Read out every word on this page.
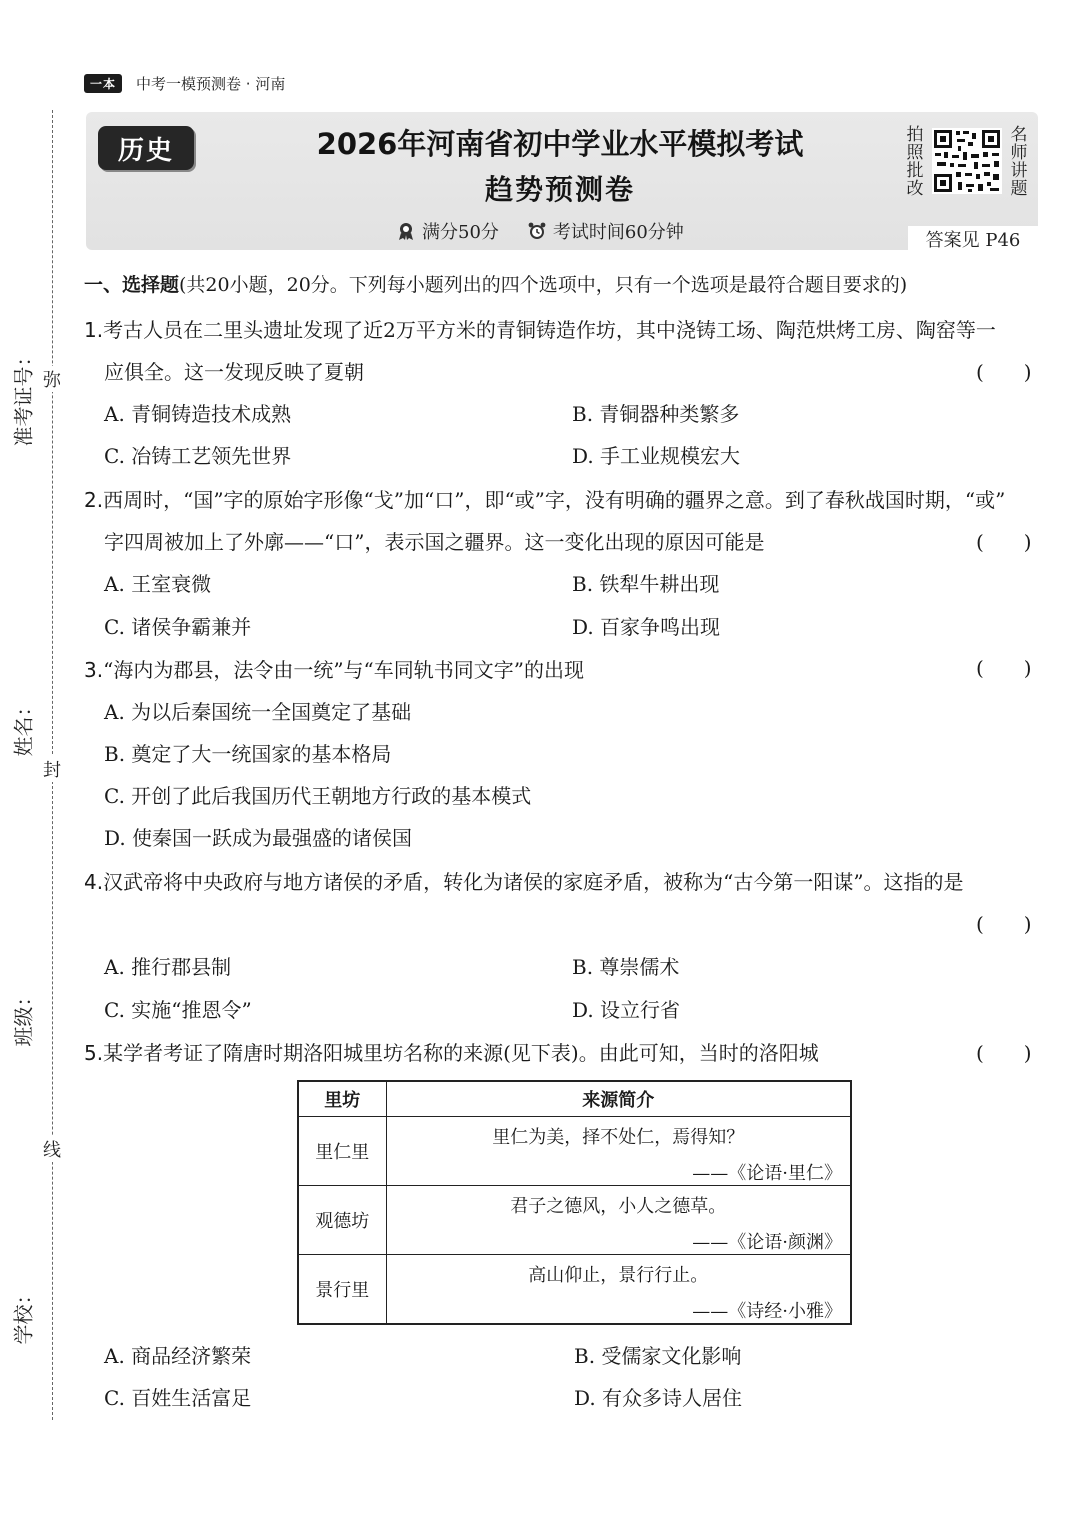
一本	中考一模预测卷 · 河南
历史	2026年河南省初中学业水平模拟考试
趋势预测卷
满分50分	考试时间60分钟
拍
照
批
改
名
师
讲
题
答案见 P46
准考证号：
姓名：
班级：
学校：
弥
封
线
一、选择题(共20小题，20分。下列每小题列出的四个选项中，只有一个选项是最符合题目要求的)
1.考古人员在二里头遗址发现了近2万平方米的青铜铸造作坊，其中浇铸工场、陶范烘烤工房、陶窑等一
应俱全。这一发现反映了夏朝	(　　)
A. 青铜铸造技术成熟	B. 青铜器种类繁多
C. 冶铸工艺领先世界	D. 手工业规模宏大
2.西周时，“国”字的原始字形像“戈”加“口”，即“或”字，没有明确的疆界之意。到了春秋战国时期，“或”
字四周被加上了外廓——“口”，表示国之疆界。这一变化出现的原因可能是	(　　)
A. 王室衰微	B. 铁犁牛耕出现
C. 诸侯争霸兼并	D. 百家争鸣出现
3.“海内为郡县，法令由一统”与“车同轨书同文字”的出现	(　　)
A. 为以后秦国统一全国奠定了基础
B. 奠定了大一统国家的基本格局
C. 开创了此后我国历代王朝地方行政的基本模式
D. 使秦国一跃成为最强盛的诸侯国
4.汉武帝将中央政府与地方诸侯的矛盾，转化为诸侯的家庭矛盾，被称为“古今第一阳谋”。这指的是
(　　)
A. 推行郡县制	B. 尊崇儒术
C. 实施“推恩令”	D. 设立行省
5.某学者考证了隋唐时期洛阳城里坊名称的来源(见下表)。由此可知，当时的洛阳城	(　　)
里坊	来源简介
里仁里	里仁为美，择不处仁，焉得知？
——《论语·里仁》

观德坊	君子之德风，小人之德草。
——《论语·颜渊》

景行里	高山仰止，景行行止。
——《诗经·小雅》
A. 商品经济繁荣	B. 受儒家文化影响
C. 百姓生活富足	D. 有众多诗人居住
